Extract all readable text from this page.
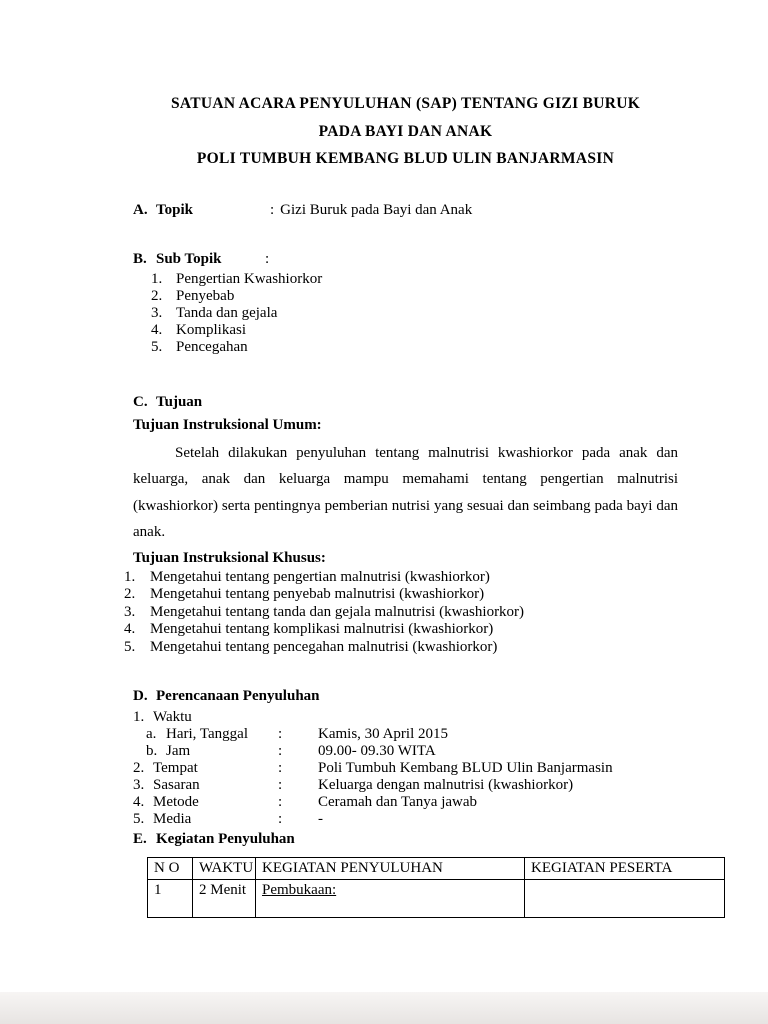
SATUAN ACARA PENYULUHAN (SAP) TENTANG GIZI BURUK
PADA BAYI DAN ANAK
POLI TUMBUH KEMBANG BLUD ULIN BANJARMASIN
A. Topik	: Gizi Buruk pada Bayi dan Anak
B. Sub Topik	:
1. Pengertian Kwashiorkor
2. Penyebab
3. Tanda dan gejala
4. Komplikasi
5. Pencegahan
C. Tujuan
Tujuan Instruksional Umum:

Setelah dilakukan penyuluhan tentang malnutrisi kwashiorkor pada anak dan keluarga, anak dan keluarga mampu memahami tentang pengertian malnutrisi (kwashiorkor) serta pentingnya pemberian nutrisi yang sesuai dan seimbang pada bayi dan anak.

Tujuan Instruksional Khusus:
1. Mengetahui tentang pengertian malnutrisi (kwashiorkor)
2. Mengetahui tentang penyebab malnutrisi (kwashiorkor)
3. Mengetahui tentang tanda dan gejala malnutrisi (kwashiorkor)
4. Mengetahui tentang komplikasi malnutrisi (kwashiorkor)
5. Mengetahui tentang pencegahan malnutrisi (kwashiorkor)
D. Perencanaan Penyuluhan
1. Waktu
a. Hari, Tanggal :	Kamis, 30 April 2015
b. Jam	:	09.00- 09.30 WITA
2. Tempat	:	Poli Tumbuh Kembang BLUD Ulin Banjarmasin
3. Sasaran	:	Keluarga dengan malnutrisi (kwashiorkor)
4. Metode	:	Ceramah dan Tanya jawab
5. Media	:	-
E. Kegiatan Penyuluhan
N O	WAKTU	KEGIATAN PENYULUHAN	KEGIATAN PESERTA
1	2 Menit	Pembukaan:	
